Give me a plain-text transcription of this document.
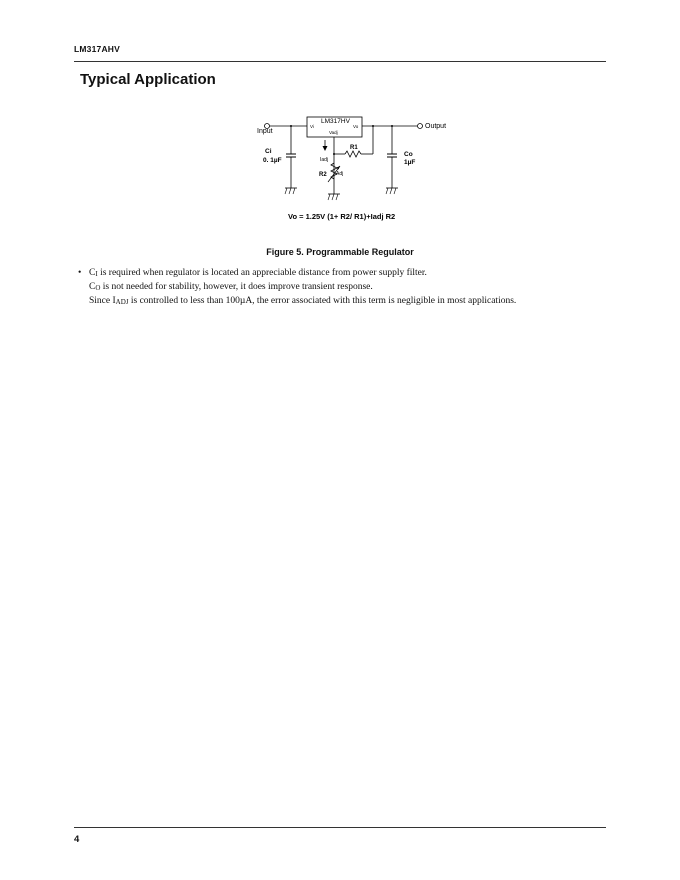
LM317AHV
Typical Application
Input
Output
LM317HV
Vi	Vo
Vadj
Iadj
R1
R2 Adj
Ci
0. 1µF
Co
1µF
Vo = 1.25V (1+ R2/ R1)+Iadj R2
Figure 5. Programmable Regulator
• CI is required when regulator is located an appreciable distance from power supply filter.
CO is not needed for stability, however, it does improve transient response.
Since IADJ is controlled to less than 100µA, the error associated with this term is negligible in most applications.
4
